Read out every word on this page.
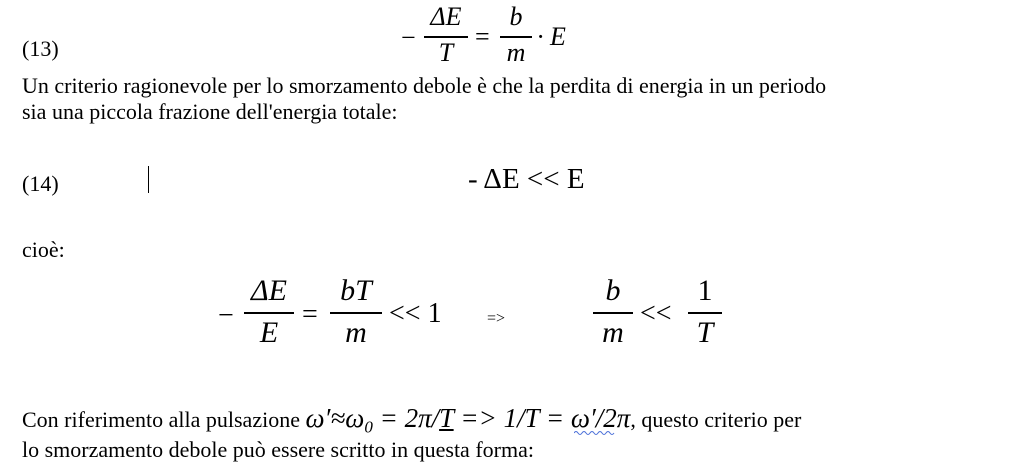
(13)	−
ΔE
T
=
b
m
· E
Un criterio ragionevole per lo smorzamento debole è che la perdita di energia in un periodo
sia una piccola frazione dell'energia totale:
(14)	- ΔE << E
cioè:
−
ΔE
E
=
bT
m
<< 1	=>
b
m
<<
1
T
Con riferimento alla pulsazione $\omega'\approx\omega_0 = 2\pi/T => 1/T = \omega'/2\pi$, questo criterio per
lo smorzamento debole può essere scritto in questa forma:
